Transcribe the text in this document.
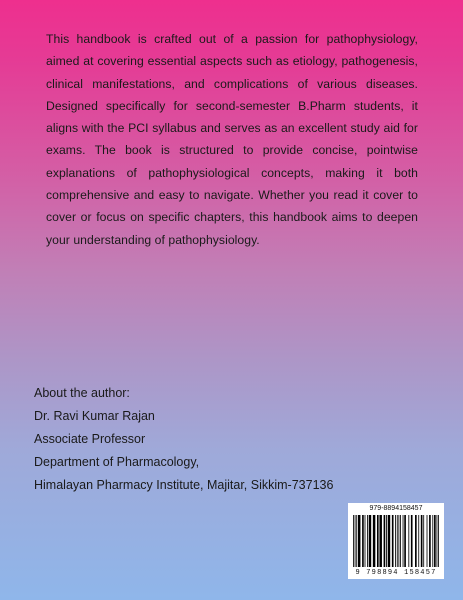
This handbook is crafted out of a passion for pathophysiology, aimed at covering essential aspects such as etiology, pathogenesis, clinical manifestations, and complications of various diseases. Designed specifically for second-semester B.Pharm students, it aligns with the PCI syllabus and serves as an excellent study aid for exams. The book is structured to provide concise, pointwise explanations of pathophysiological concepts, making it both comprehensive and easy to navigate. Whether you read it cover to cover or focus on specific chapters, this handbook aims to deepen your understanding of pathophysiology.

About the author:
Dr. Ravi Kumar Rajan
Associate Professor
Department of Pharmacology,
Himalayan Pharmacy Institute, Majitar, Sikkim-737136
979-8894158457
9 798894 158457
